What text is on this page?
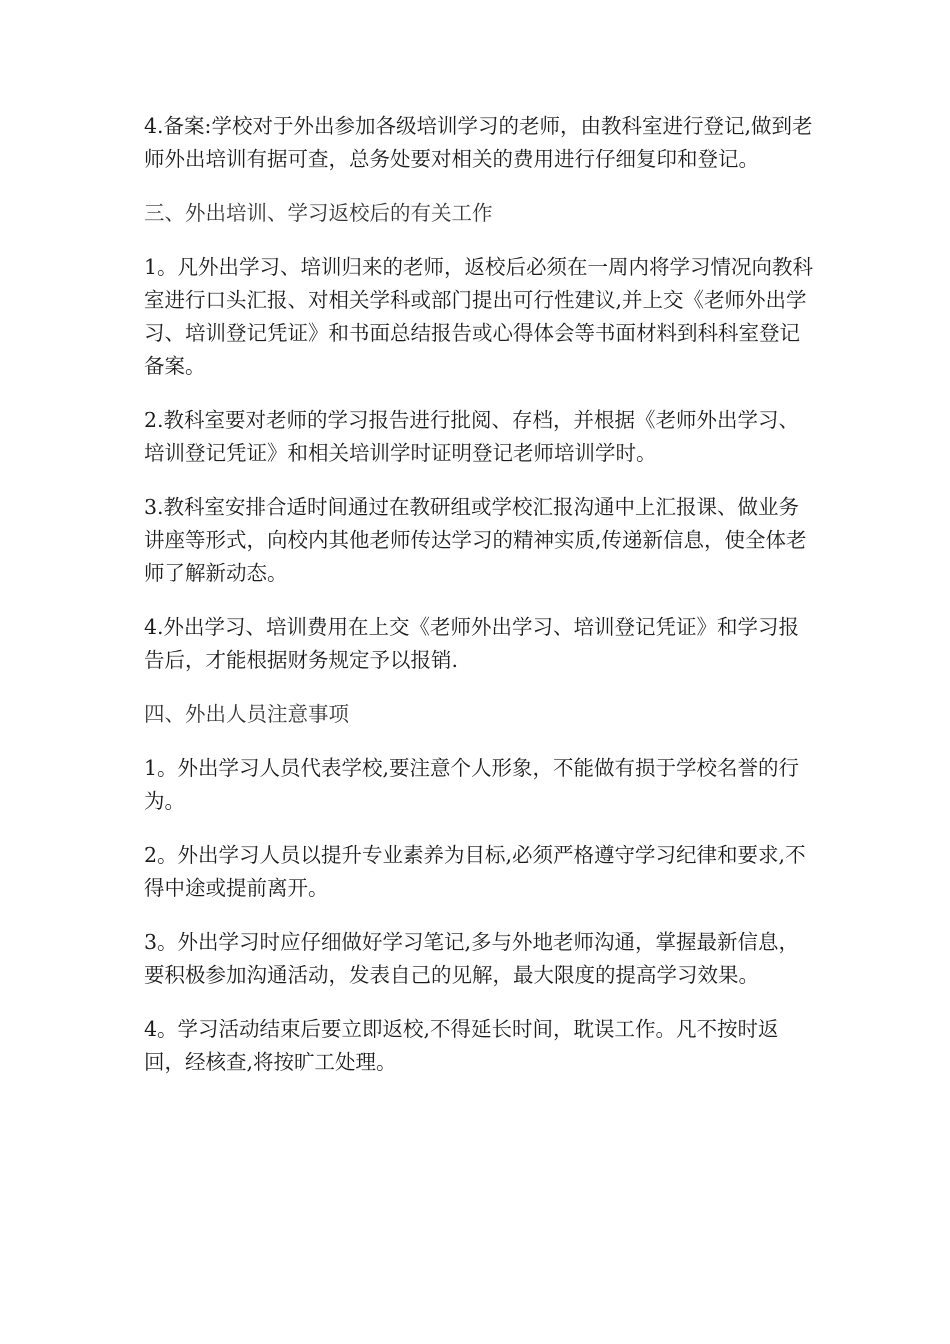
4.备案:学校对于外出参加各级培训学习的老师，由教科室进行登记,做到老师外出培训有据可查，总务处要对相关的费用进行仔细复印和登记。

三、外出培训、学习返校后的有关工作

1。凡外出学习、培训归来的老师，返校后必须在一周内将学习情况向教科室进行口头汇报、对相关学科或部门提出可行性建议,并上交《老师外出学习、培训登记凭证》和书面总结报告或心得体会等书面材料到科科室登记备案。

2.教科室要对老师的学习报告进行批阅、存档，并根据《老师外出学习、培训登记凭证》和相关培训学时证明登记老师培训学时。

3.教科室安排合适时间通过在教研组或学校汇报沟通中上汇报课、做业务讲座等形式，向校内其他老师传达学习的精神实质,传递新信息，使全体老师了解新动态。

4.外出学习、培训费用在上交《老师外出学习、培训登记凭证》和学习报告后，才能根据财务规定予以报销.

四、外出人员注意事项

1。外出学习人员代表学校,要注意个人形象，不能做有损于学校名誉的行为。

2。外出学习人员以提升专业素养为目标,必须严格遵守学习纪律和要求,不得中途或提前离开。

3。外出学习时应仔细做好学习笔记,多与外地老师沟通，掌握最新信息，要积极参加沟通活动，发表自己的见解，最大限度的提高学习效果。

4。学习活动结束后要立即返校,不得延长时间，耽误工作。凡不按时返回，经核查,将按旷工处理。
